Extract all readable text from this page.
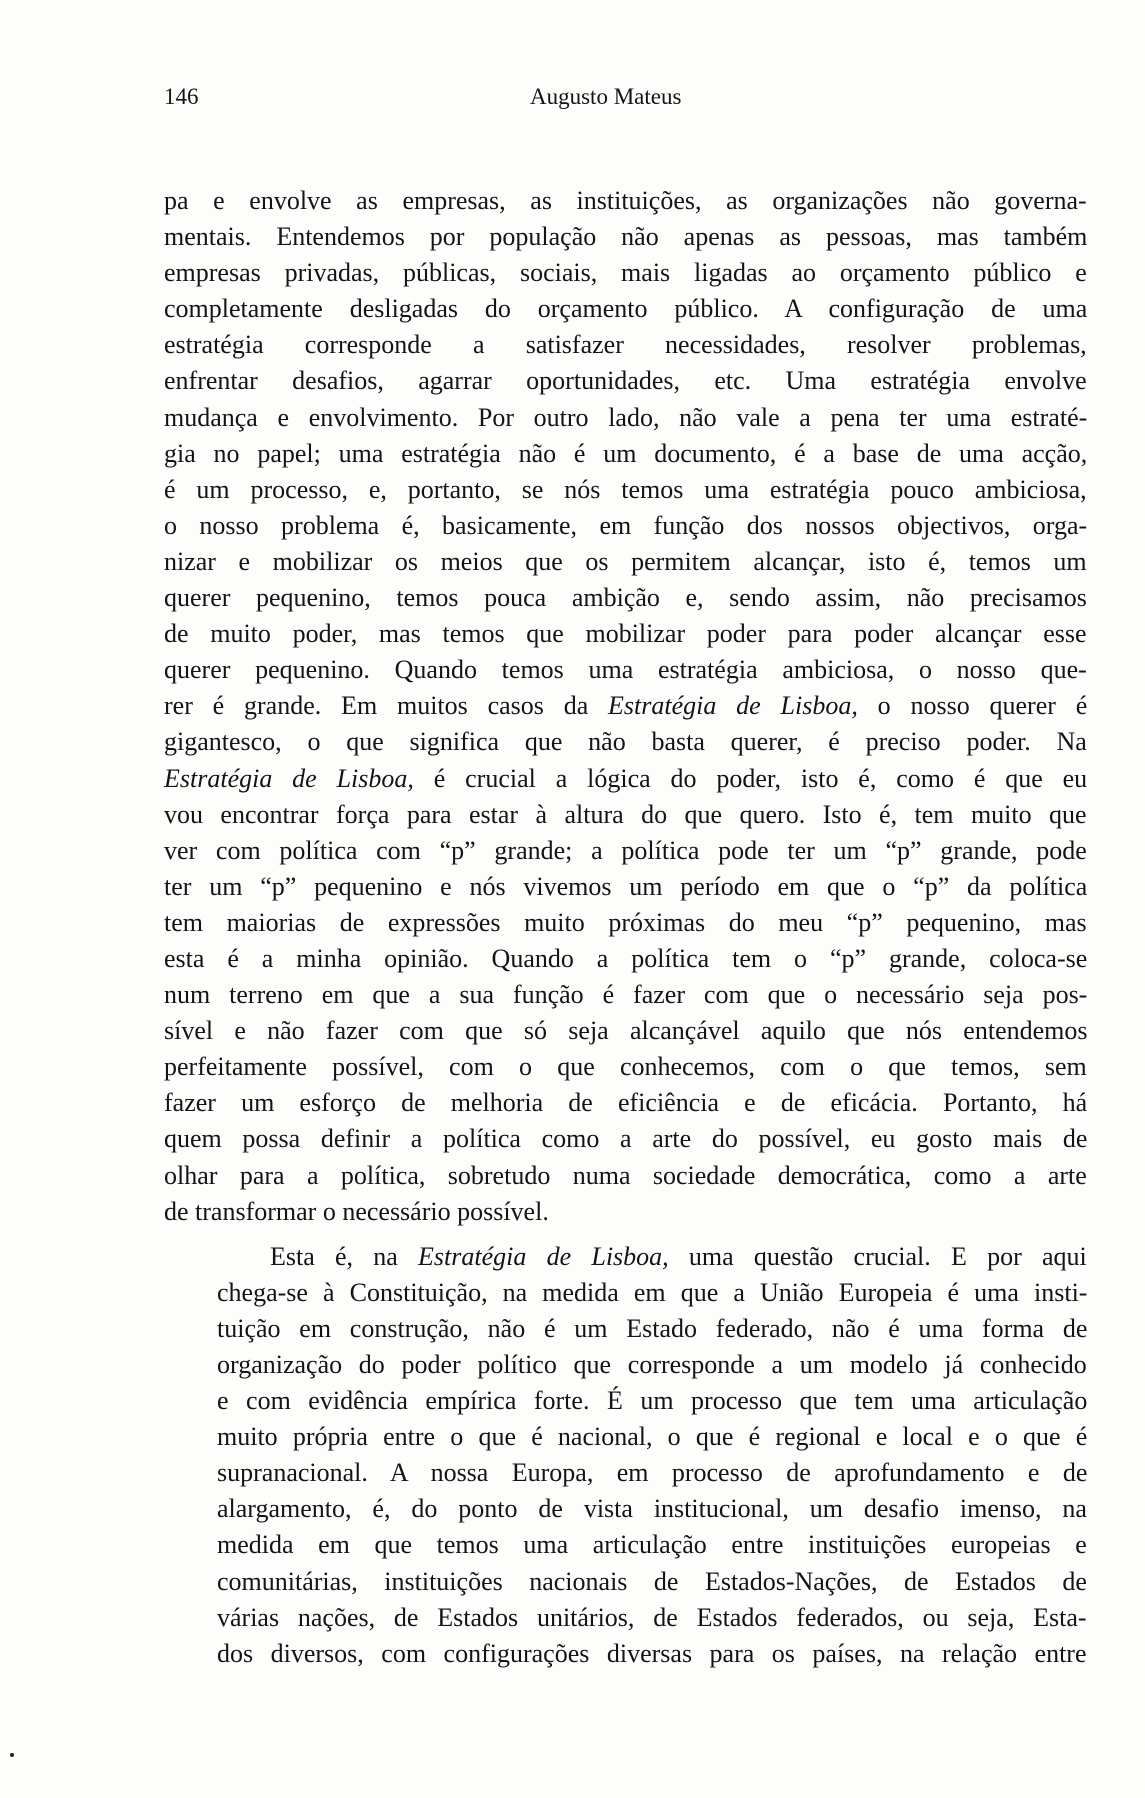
146	Augusto Mateus
pa e envolve as empresas, as instituições, as organizações não governa-
mentais. Entendemos por população não apenas as pessoas, mas também
empresas privadas, públicas, sociais, mais ligadas ao orçamento público e
completamente desligadas do orçamento público. A configuração de uma
estratégia corresponde a satisfazer necessidades, resolver problemas,
enfrentar desafios, agarrar oportunidades, etc. Uma estratégia envolve
mudança e envolvimento. Por outro lado, não vale a pena ter uma estraté-
gia no papel; uma estratégia não é um documento, é a base de uma acção,
é um processo, e, portanto, se nós temos uma estratégia pouco ambiciosa,
o nosso problema é, basicamente, em função dos nossos objectivos, orga-
nizar e mobilizar os meios que os permitem alcançar, isto é, temos um
querer pequenino, temos pouca ambição e, sendo assim, não precisamos
de muito poder, mas temos que mobilizar poder para poder alcançar esse
querer pequenino. Quando temos uma estratégia ambiciosa, o nosso que-
rer é grande. Em muitos casos da Estratégia de Lisboa, o nosso querer é
gigantesco, o que significa que não basta querer, é preciso poder. Na
Estratégia de Lisboa, é crucial a lógica do poder, isto é, como é que eu
vou encontrar força para estar à altura do que quero. Isto é, tem muito que
ver com política com “p” grande; a política pode ter um “p” grande, pode
ter um “p” pequenino e nós vivemos um período em que o “p” da política
tem maiorias de expressões muito próximas do meu “p” pequenino, mas
esta é a minha opinião. Quando a política tem o “p” grande, coloca-se
num terreno em que a sua função é fazer com que o necessário seja pos-
sível e não fazer com que só seja alcançável aquilo que nós entendemos
perfeitamente possível, com o que conhecemos, com o que temos, sem
fazer um esforço de melhoria de eficiência e de eficácia. Portanto, há
quem possa definir a política como a arte do possível, eu gosto mais de
olhar para a política, sobretudo numa sociedade democrática, como a arte
de transformar o necessário possível.
Esta é, na Estratégia de Lisboa, uma questão crucial. E por aqui
chega-se à Constituição, na medida em que a União Europeia é uma insti-
tuição em construção, não é um Estado federado, não é uma forma de
organização do poder político que corresponde a um modelo já conhecido
e com evidência empírica forte. É um processo que tem uma articulação
muito própria entre o que é nacional, o que é regional e local e o que é
supranacional. A nossa Europa, em processo de aprofundamento e de
alargamento, é, do ponto de vista institucional, um desafio imenso, na
medida em que temos uma articulação entre instituições europeias e
comunitárias, instituições nacionais de Estados-Nações, de Estados de
várias nações, de Estados unitários, de Estados federados, ou seja, Esta-
dos diversos, com configurações diversas para os países, na relação entre
